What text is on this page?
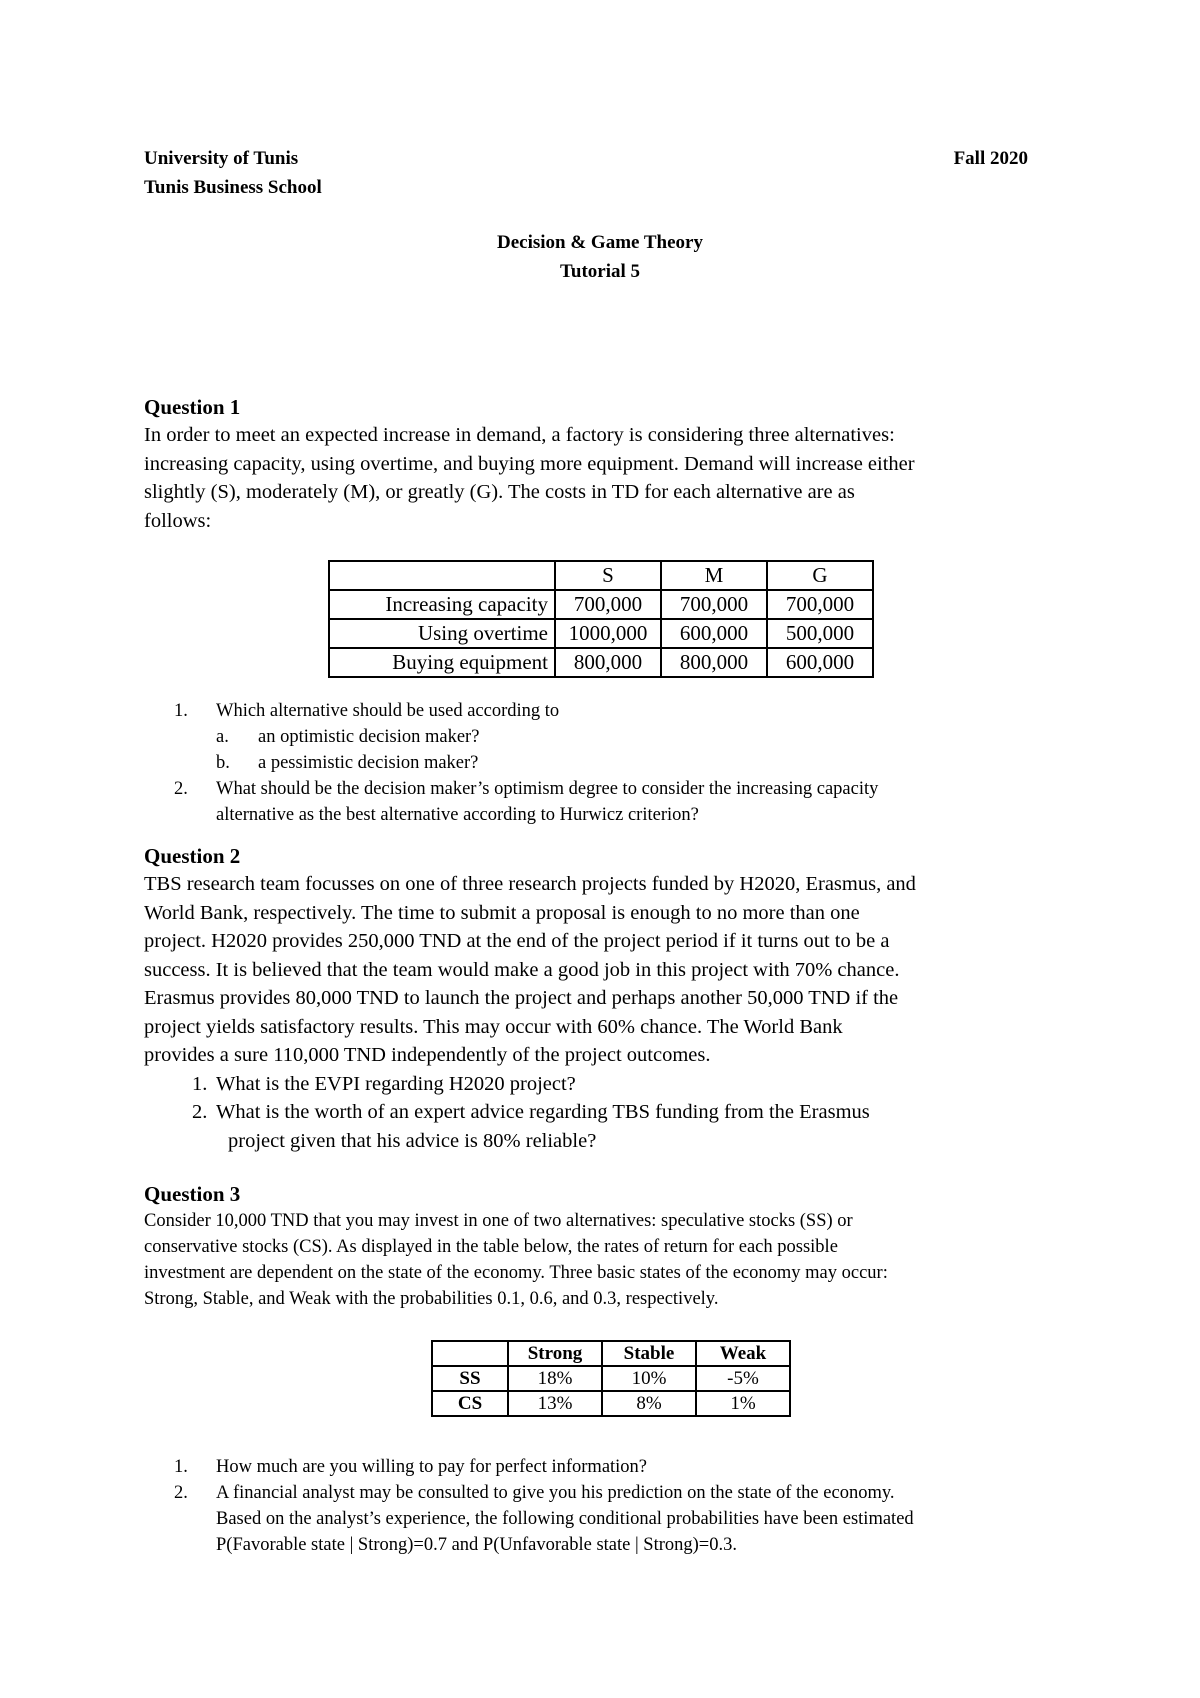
University of Tunis
Tunis Business School
Fall 2020
Decision & Game Theory
Tutorial 5

Question 1

In order to meet an expected increase in demand, a factory is considering three alternatives:

increasing capacity, using overtime, and buying more equipment. Demand will increase either

slightly (S), moderately (M), or greatly (G). The costs in TD for each alternative are as

follows:

	S	M	G
Increasing capacity	700,000	700,000	700,000
Using overtime	1000,000	600,000	500,000
Buying equipment	800,000	800,000	600,000
1. Which alternative should be used according to
a. an optimistic decision maker?
b. a pessimistic decision maker?
2. What should be the decision maker’s optimism degree to consider the increasing capacity
alternative as the best alternative according to Hurwicz criterion?

Question 2

TBS research team focusses on one of three research projects funded by H2020, Erasmus, and

World Bank, respectively. The time to submit a proposal is enough to no more than one

project. H2020 provides 250,000 TND at the end of the project period if it turns out to be a

success. It is believed that the team would make a good job in this project with 70% chance.

Erasmus provides 80,000 TND to launch the project and perhaps another 50,000 TND if the

project yields satisfactory results. This may occur with 60% chance. The World Bank

provides a sure 110,000 TND independently of the project outcomes.

1. What is the EVPI regarding H2020 project?
2. What is the worth of an expert advice regarding TBS funding from the Erasmus
project given that his advice is 80% reliable?

Question 3

Consider 10,000 TND that you may invest in one of two alternatives: speculative stocks (SS) or

conservative stocks (CS). As displayed in the table below, the rates of return for each possible

investment are dependent on the state of the economy. Three basic states of the economy may occur:

Strong, Stable, and Weak with the probabilities 0.1, 0.6, and 0.3, respectively.

	Strong	Stable	Weak
SS	18%	10%	-5%
CS	13%	8%	1%
1. How much are you willing to pay for perfect information?
2. A financial analyst may be consulted to give you his prediction on the state of the economy.
Based on the analyst’s experience, the following conditional probabilities have been estimated
P(Favorable state | Strong)=0.7 and P(Unfavorable state | Strong)=0.3.
